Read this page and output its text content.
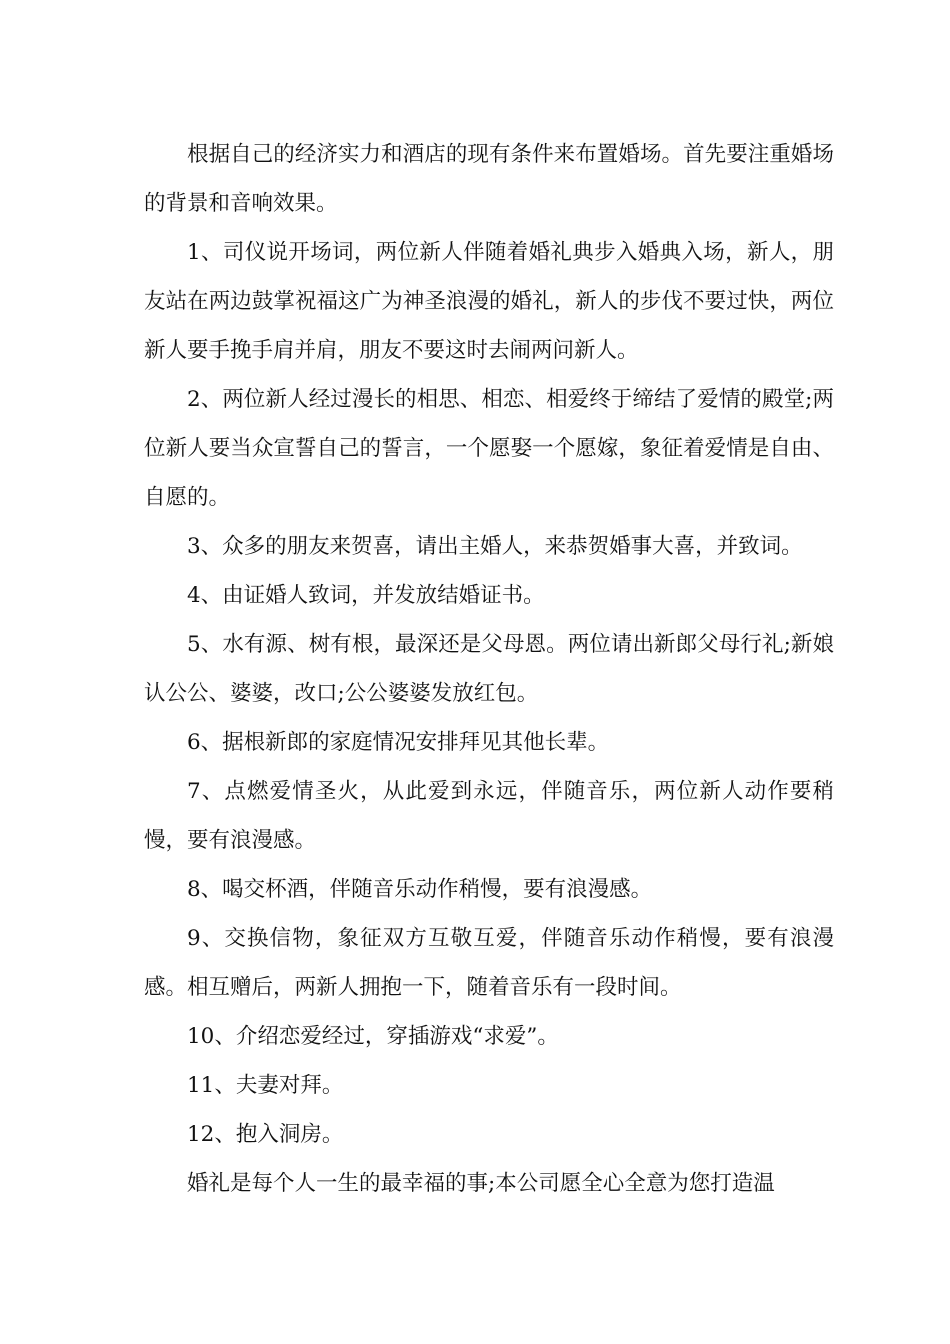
根据自己的经济实力和酒店的现有条件来布置婚场。首先要注重婚场的背景和音响效果。

1、司仪说开场词，两位新人伴随着婚礼典步入婚典入场，新人，朋友站在两边鼓掌祝福这广为神圣浪漫的婚礼，新人的步伐不要过快，两位新人要手挽手肩并肩，朋友不要这时去闹两问新人。

2、两位新人经过漫长的相思、相恋、相爱终于缔结了爱情的殿堂;两位新人要当众宣誓自己的誓言，一个愿娶一个愿嫁，象征着爱情是自由、自愿的。

3、众多的朋友来贺喜，请出主婚人，来恭贺婚事大喜，并致词。

4、由证婚人致词，并发放结婚证书。

5、水有源、树有根，最深还是父母恩。两位请出新郎父母行礼;新娘认公公、婆婆，改口;公公婆婆发放红包。

6、据根新郎的家庭情况安排拜见其他长辈。

7、点燃爱情圣火，从此爱到永远，伴随音乐，两位新人动作要稍慢，要有浪漫感。

8、喝交杯酒，伴随音乐动作稍慢，要有浪漫感。

9、交换信物，象征双方互敬互爱，伴随音乐动作稍慢，要有浪漫感。相互赠后，两新人拥抱一下，随着音乐有一段时间。

10、介绍恋爱经过，穿插游戏“求爱”。

11、夫妻对拜。

12、抱入洞房。

婚礼是每个人一生的最幸福的事;本公司愿全心全意为您打造温
